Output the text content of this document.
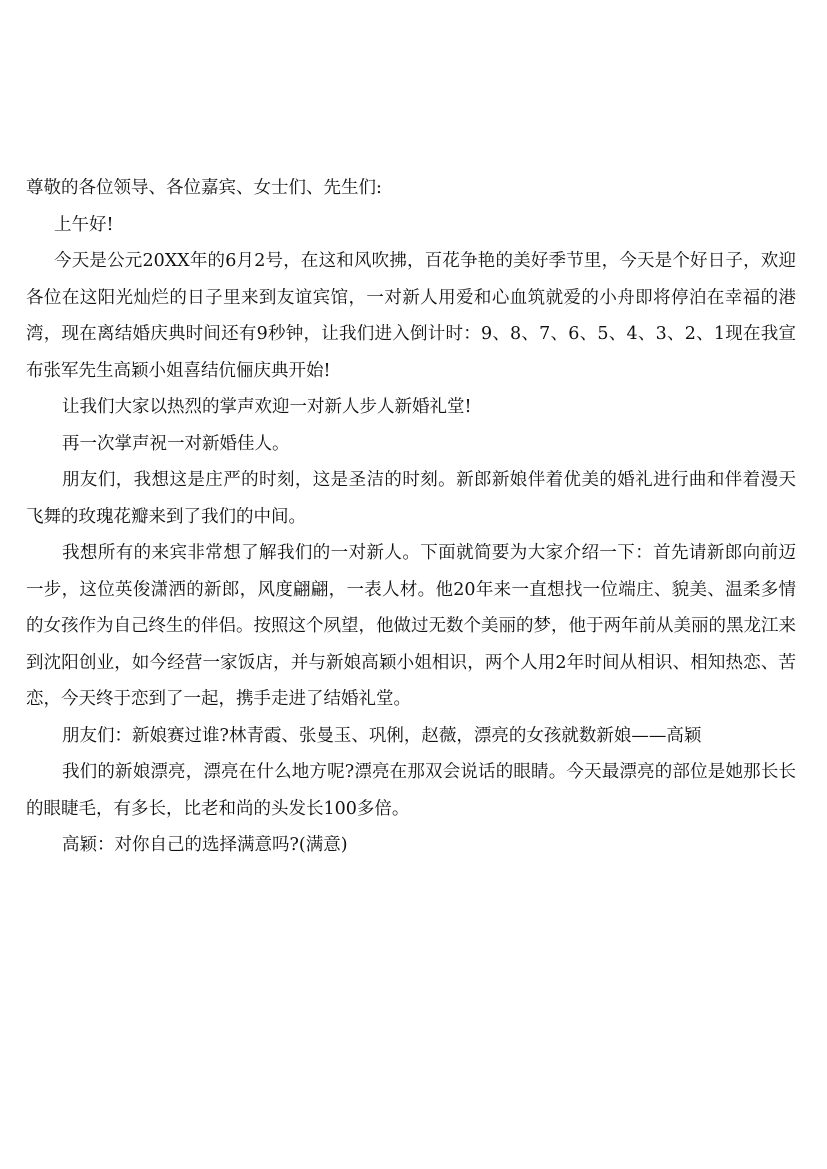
尊敬的各位领导、各位嘉宾、女士们、先生们:

上午好!

今天是公元20XX年的6月2号，在这和风吹拂，百花争艳的美好季节里，今天是个好日子，欢迎各位在这阳光灿烂的日子里来到友谊宾馆，一对新人用爱和心血筑就爱的小舟即将停泊在幸福的港湾，现在离结婚庆典时间还有9秒钟，让我们进入倒计时：9、8、7、6、5、4、3、2、1现在我宣布张军先生高颖小姐喜结伉俪庆典开始!

让我们大家以热烈的掌声欢迎一对新人步人新婚礼堂!

再一次掌声祝一对新婚佳人。

朋友们，我想这是庄严的时刻，这是圣洁的时刻。新郎新娘伴着优美的婚礼进行曲和伴着漫天飞舞的玫瑰花瓣来到了我们的中间。

我想所有的来宾非常想了解我们的一对新人。下面就简要为大家介绍一下：首先请新郎向前迈一步，这位英俊潇洒的新郎，风度翩翩，一表人材。他20年来一直想找一位端庄、貌美、温柔多情的女孩作为自己终生的伴侣。按照这个夙望，他做过无数个美丽的梦，他于两年前从美丽的黑龙江来到沈阳创业，如今经营一家饭店，并与新娘高颖小姐相识，两个人用2年时间从相识、相知热恋、苦恋，今天终于恋到了一起，携手走进了结婚礼堂。

朋友们：新娘赛过谁?林青霞、张曼玉、巩俐，赵薇，漂亮的女孩就数新娘——高颖

我们的新娘漂亮，漂亮在什么地方呢?漂亮在那双会说话的眼睛。今天最漂亮的部位是她那长长的眼睫毛，有多长，比老和尚的头发长100多倍。

高颖：对你自己的选择满意吗?(满意)
